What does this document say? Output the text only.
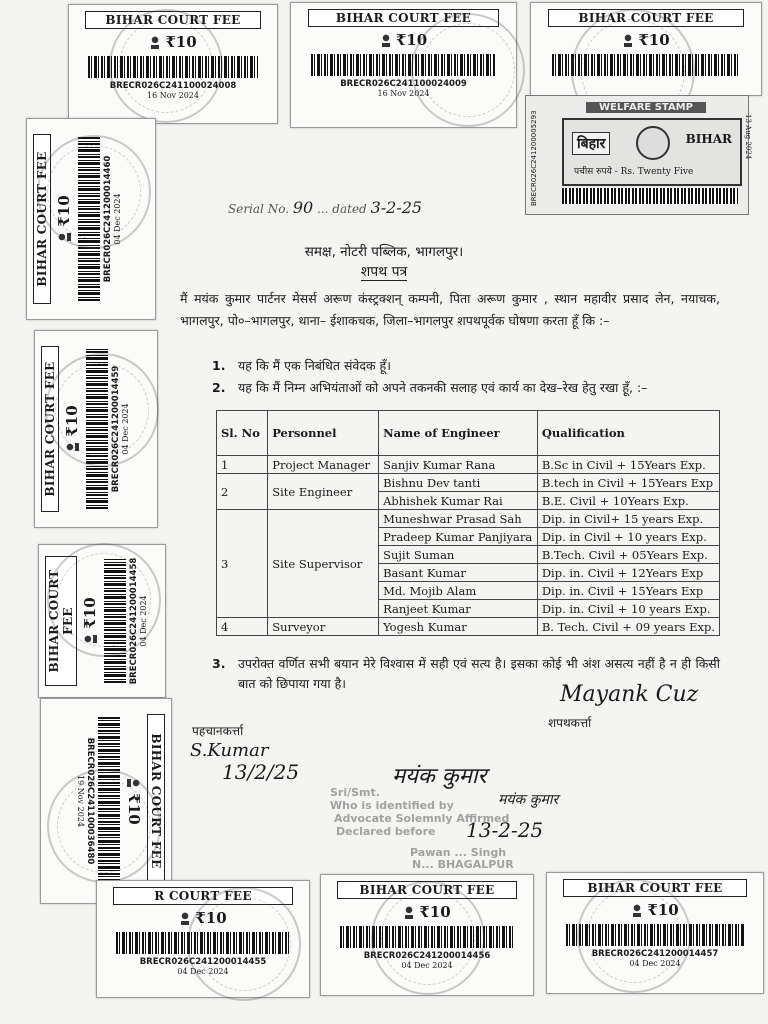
BIHAR COURT FEE
₹10
BRECR026C241100024008
16 Nov 2024
BIHAR COURT FEE
₹10
BRECR026C241100024009
16 Nov 2024
BIHAR COURT FEE
₹10
WELFARE STAMP
बिहार	BIHAR
पचीस रुपये - Rs. Twenty Five
BRECR026C241200005293	13 Aug 2024
BIHAR COURT FEE ₹10	BRECR026C241200014460 04 Dec 2024
BIHAR COURT FEE ₹10	BRECR026C241200014459 04 Dec 2024
BIHAR COURT FEE ₹10	BRECR026C241200014458 04 Dec 2024
BIHAR COURT FEE
₹10
BRECR026C241100036480
19 Nov 2024
R COURT FEE
₹10
BRECR026C241200014455
04 Dec 2024
BIHAR COURT FEE
₹10
BRECR026C241200014456
04 Dec 2024
BIHAR COURT FEE
₹10
BRECR026C241200014457
04 Dec 2024
Serial No. 90 ... dated 3-2-25
समक्ष, नोटरी पब्लिक, भागलपुर।
शपथ पत्र
मैं मयंक कुमार पार्टनर मेसर्स अरूण कंस्ट्रक्शन् कम्पनी, पिता अरूण कुमार , स्थान महावीर प्रसाद लेन, नयाचक, भागलपुर, पो०–भागलपुर, थाना– ईशाकचक, जिला–भागलपुर शपथपूर्वक घोषणा करता हूँ कि :–
1. यह कि मैं एक निबंधित संवेदक हूँ।
2. यह कि मैं निम्न अभियंताओं को अपने तकनकी सलाह एवं कार्य का देख–रेख हेतु रखा हूँ, :–
Sl. No	Personnel	Name of Engineer	Qualification
1	Project Manager	Sanjiv Kumar Rana	B.Sc in Civil + 15Years Exp.
2	Site Engineer	Bishnu Dev tanti	B.tech in Civil + 15Years Exp
		Abhishek Kumar Rai	B.E. Civil + 10Years Exp.
3	Site Supervisor	Muneshwar Prasad Sah	Dip. in Civil+ 15 years Exp.
		Pradeep Kumar Panjiyara	Dip. in Civil + 10 years Exp.
		Sujit Suman	B.Tech. Civil + 05Years Exp.
		Basant Kumar	Dip. in. Civil + 12Years Exp
		Md. Mojib Alam	Dip. in. Civil + 15Years Exp
		Ranjeet Kumar	Dip. in. Civil + 10 years Exp.
4	Surveyor	Yogesh Kumar	B. Tech. Civil + 09 years Exp.
3. उपरोक्त वर्णित सभी बयान मेरे विश्वास में सही एवं सत्य है। इसका कोई भी अंश असत्य नहीं है न ही किसी बात को छिपाया गया है।	Mayank Cuz
शपथकर्त्ता
पहचानकर्त्ता
S.Kumar
13/2/25
Sri/Smt.
Who is identified by
Advocate Solemnly Affirmed
Declared before
मयंक कुमार
मयंक कुमार
13-2-25
Pawan ... Singh
N... BHAGALPUR
